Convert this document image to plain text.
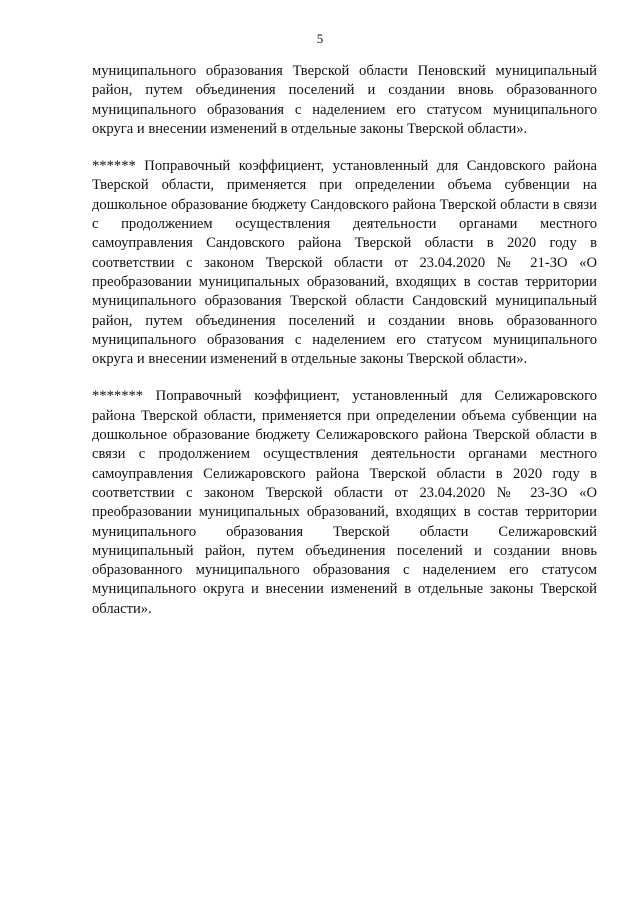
5

муниципального образования Тверской области Пеновский муниципальный район, путем объединения поселений и создании вновь образованного муниципального образования с наделением его статусом муниципального округа и внесении изменений в отдельные законы Тверской области».

****** Поправочный коэффициент, установленный для Сандовского района Тверской области, применяется при определении объема субвенции на дошкольное образование бюджету Сандовского района Тверской области в связи с продолжением осуществления деятельности органами местного самоуправления Сандовского района Тверской области в 2020 году в соответствии с законом Тверской области от 23.04.2020 № 21-ЗО «О преобразовании муниципальных образований, входящих в состав территории муниципального образования Тверской области Сандовский муниципальный район, путем объединения поселений и создании вновь образованного муниципального образования с наделением его статусом муниципального округа и внесении изменений в отдельные законы Тверской области».

******* Поправочный коэффициент, установленный для Селижаровского района Тверской области, применяется при определении объема субвенции на дошкольное образование бюджету Селижаровского района Тверской области в связи с продолжением осуществления деятельности органами местного самоуправления Селижаровского района Тверской области в 2020 году в соответствии с законом Тверской области от 23.04.2020 № 23-ЗО «О преобразовании муниципальных образований, входящих в состав территории муниципального образования Тверской области Селижаровский муниципальный район, путем объединения поселений и создании вновь образованного муниципального образования с наделением его статусом муниципального округа и внесении изменений в отдельные законы Тверской области».
